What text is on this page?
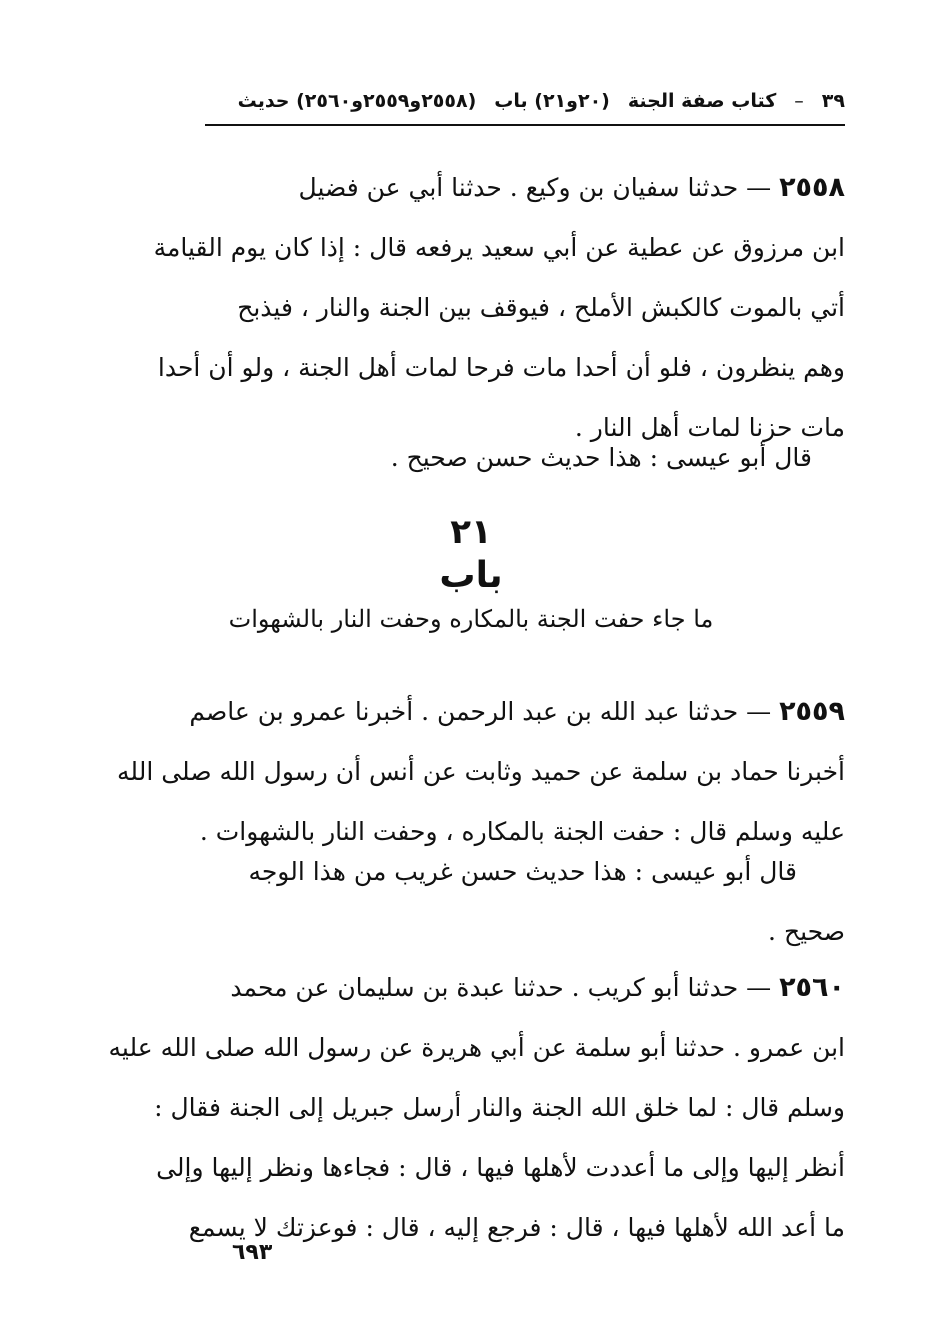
٣٩
–
كتاب صفة الجنة
(٢٠و٢١) باب
(٢٥٥٨و٢٥٥٩و٢٥٦٠) حديث
٢٥٥٨ — حدثنا سفيان بن وكيع . حدثنا أبي عن فضيل
ابن مرزوق عن عطية عن أبي سعيد يرفعه قال : إذا كان يوم القيامة
أتي بالموت كالكبش الأملح ، فيوقف بين الجنة والنار ، فيذبح
وهم ينظرون ، فلو أن أحدا مات فرحا لمات أهل الجنة ، ولو أن أحدا
مات حزنا لمات أهل النار .
قال أبو عيسى : هذا حديث حسن صحيح .
٢١
باب
ما جاء حفت الجنة بالمكاره وحفت النار بالشهوات
٢٥٥٩ — حدثنا عبد الله بن عبد الرحمن . أخبرنا عمرو بن عاصم
أخبرنا حماد بن سلمة عن حميد وثابت عن أنس أن رسول الله صلى الله
عليه وسلم قال : حفت الجنة بالمكاره ، وحفت النار بالشهوات .
قال أبو عيسى : هذا حديث حسن غريب من هذا الوجه
صحيح .
٢٥٦٠ — حدثنا أبو كريب . حدثنا عبدة بن سليمان عن محمد
ابن عمرو . حدثنا أبو سلمة عن أبي هريرة عن رسول الله صلى الله عليه
وسلم قال : لما خلق الله الجنة والنار أرسل جبريل إلى الجنة فقال :
أنظر إليها وإلى ما أعددت لأهلها فيها ، قال : فجاءها ونظر إليها وإلى
ما أعد الله لأهلها فيها ، قال : فرجع إليه ، قال : فوعزتك لا يسمع
٦٩٣
